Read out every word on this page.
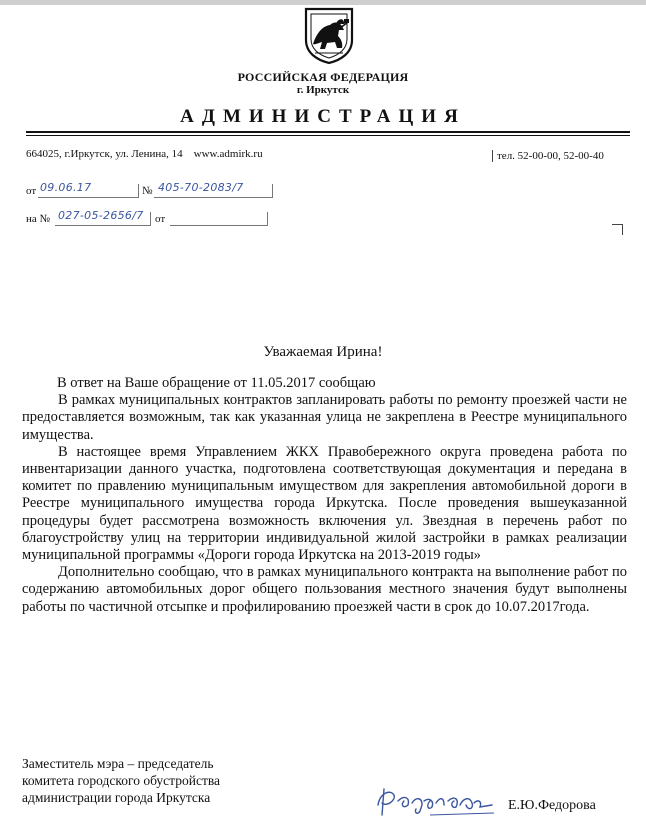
РОССИЙСКАЯ ФЕДЕРАЦИЯ
г. Иркутск
АДМИНИСТРАЦИЯ
664025, г.Иркутск, ул. Ленина, 14 www.admirk.ru	тел. 52-00-00, 52-00-40
от 09.06.17	№ 405-70-2083/7
на № 027-05-2656/7 от
Уважаемая Ирина!

В ответ на Ваше обращение от 11.05.2017 сообщаю

В рамках муниципальных контрактов запланировать работы по ремонту проезжей части не предоставляется возможным, так как указанная улица не закреплена в Реестре муниципального имущества.

В настоящее время Управлением ЖКХ Правобережного округа проведена работа по инвентаризации данного участка, подготовлена соответствующая документация и передана в комитет по правлению муниципальным имуществом для закрепления автомобильной дороги в Реестре муниципального имущества города Иркутска. После проведения вышеуказанной процедуры будет рассмотрена возможность включения ул. Звездная в перечень работ по благоустройству улиц на территории индивидуальной жилой застройки в рамках реализации муниципальной программы «Дороги города Иркутска на 2013-2019 годы»

Дополнительно сообщаю, что в рамках муниципального контракта на выполнение работ по содержанию автомобильных дорог общего пользования местного значения будут выполнены работы по частичной отсыпке и профилированию проезжей части в срок до 10.07.2017года.

Заместитель мэра – председатель
комитета городского обустройства
администрации города Иркутска
Е.Ю.Федорова
